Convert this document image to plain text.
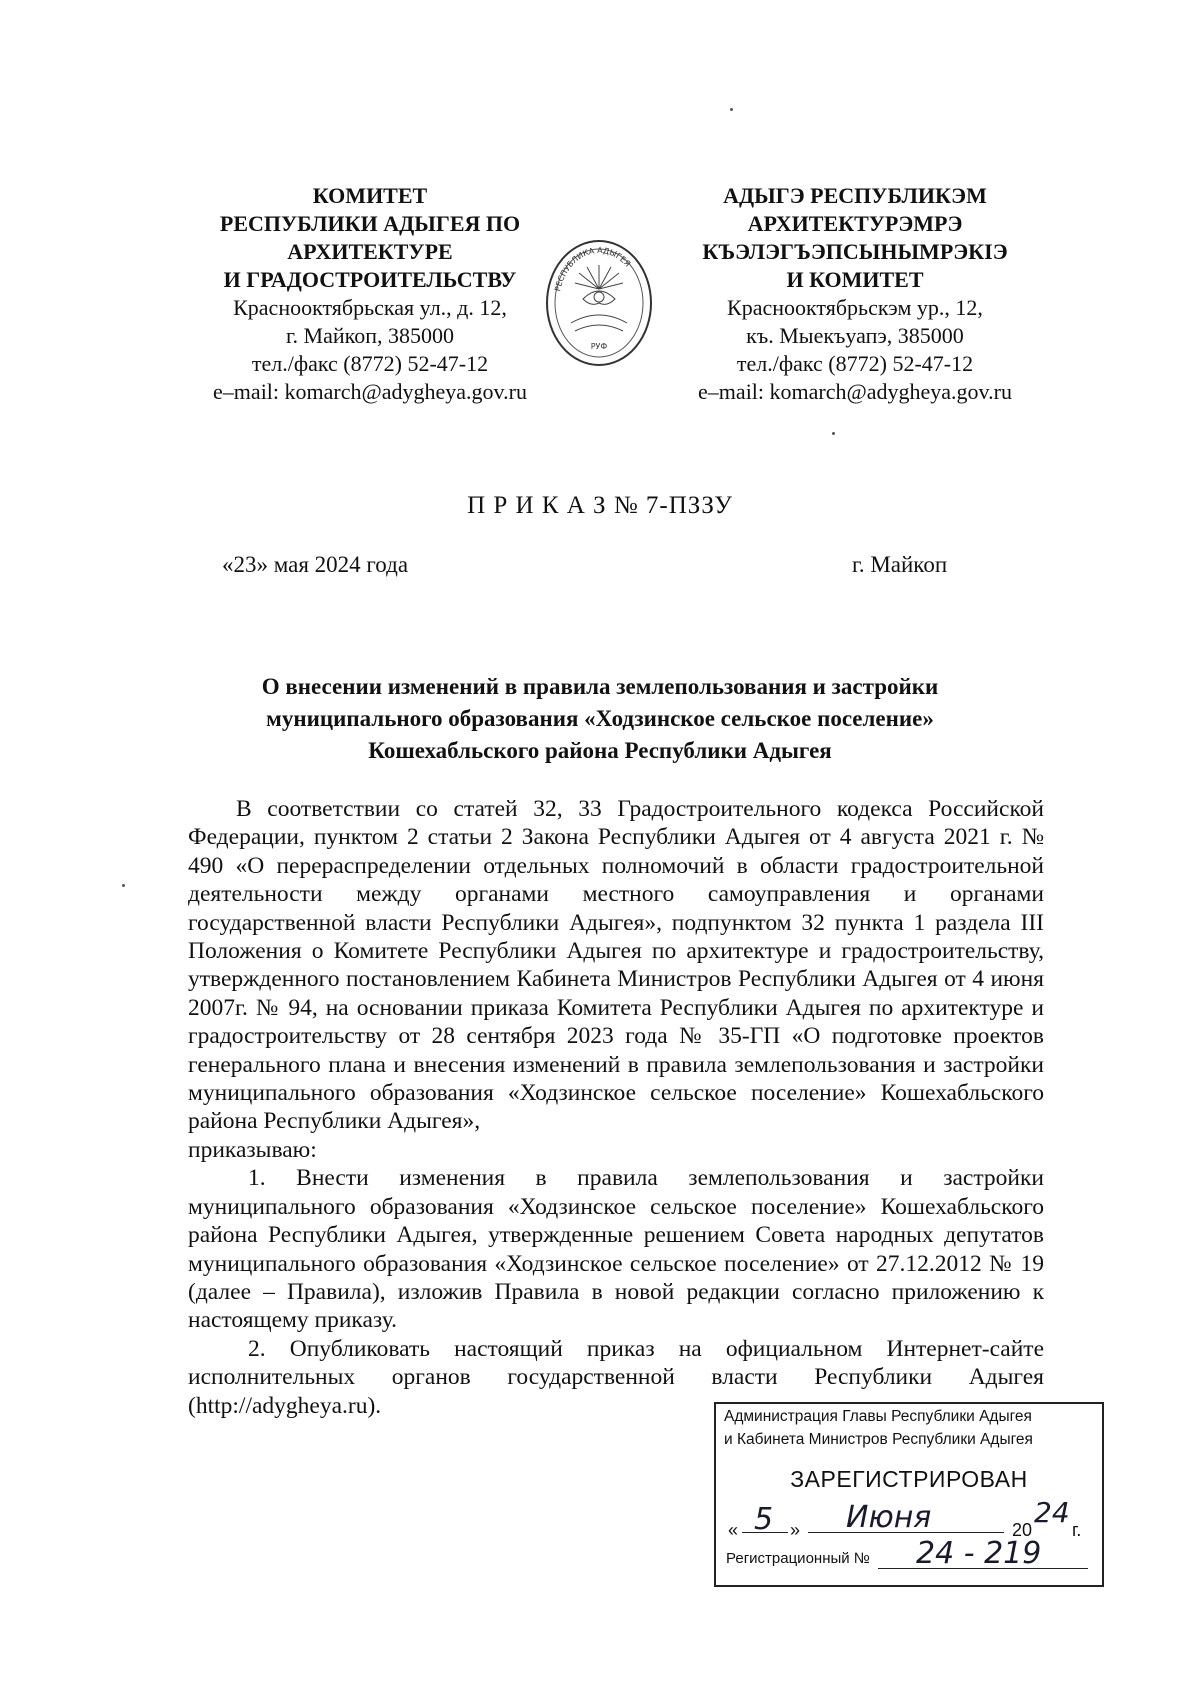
КОМИТЕТ
РЕСПУБЛИКИ АДЫГЕЯ ПО
АРХИТЕКТУРЕ
И ГРАДОСТРОИТЕЛЬСТВУ
Краснооктябрьская ул., д. 12,
г. Майкоп, 385000
тел./факс (8772) 52-47-12
e–mail: komarch@adygheya.gov.ru
РЕСПУБЛИКА АДЫГЕЯ
РУФ
АДЫГЭ РЕСПУБЛИКЭМ
АРХИТЕКТУРЭМРЭ
КЪЭЛЭГЪЭПСЫНЫМРЭКIЭ
И КОМИТЕТ
Краснооктябрьскэм ур., 12,
къ. Мыекъуапэ, 385000
тел./факс (8772) 52-47-12
e–mail: komarch@adygheya.gov.ru
П Р И К А З № 7-ПЗЗУ
«23» мая 2024 года	г. Майкоп
О внесении изменений в правила землепользования и застройки
муниципального образования «Ходзинское сельское поселение»
Кошехабльского района Республики Адыгея

В соответствии со статей 32, 33 Градостроительного кодекса Российской Федерации, пунктом 2 статьи 2 Закона Республики Адыгея от 4 августа 2021 г. № 490 «О перераспределении отдельных полномочий в области градостроительной деятельности между органами местного самоуправления и органами государственной власти Республики Адыгея», подпунктом 32 пункта 1 раздела III Положения о Комитете Республики Адыгея по архитектуре и градостроительству, утвержденного постановлением Кабинета Министров Республики Адыгея от 4 июня 2007г. № 94, на основании приказа Комитета Республики Адыгея по архитектуре и градостроительству от 28 сентября 2023 года № 35-ГП «О подготовке проектов генерального плана и внесения изменений в правила землепользования и застройки муниципального образования «Ходзинское сельское поселение» Кошехабльского района Республики Адыгея»,

приказываю:

1. Внести изменения в правила землепользования и застройки муниципального образования «Ходзинское сельское поселение» Кошехабльского района Республики Адыгея, утвержденные решением Совета народных депутатов муниципального образования «Ходзинское сельское поселение» от 27.12.2012 № 19 (далее – Правила), изложив Правила в новой редакции согласно приложению к настоящему приказу.

2. Опубликовать настоящий приказ на официальном Интернет-сайте исполнительных органов государственной власти Республики Адыгея (http://adygheya.ru).	Администрация Главы Республики Адыгея
и Кабинета Министров Республики Адыгея
ЗАРЕГИСТРИРОВАН
« 5 » Июня	20
24
г.
Регистрационный № 24 - 219
